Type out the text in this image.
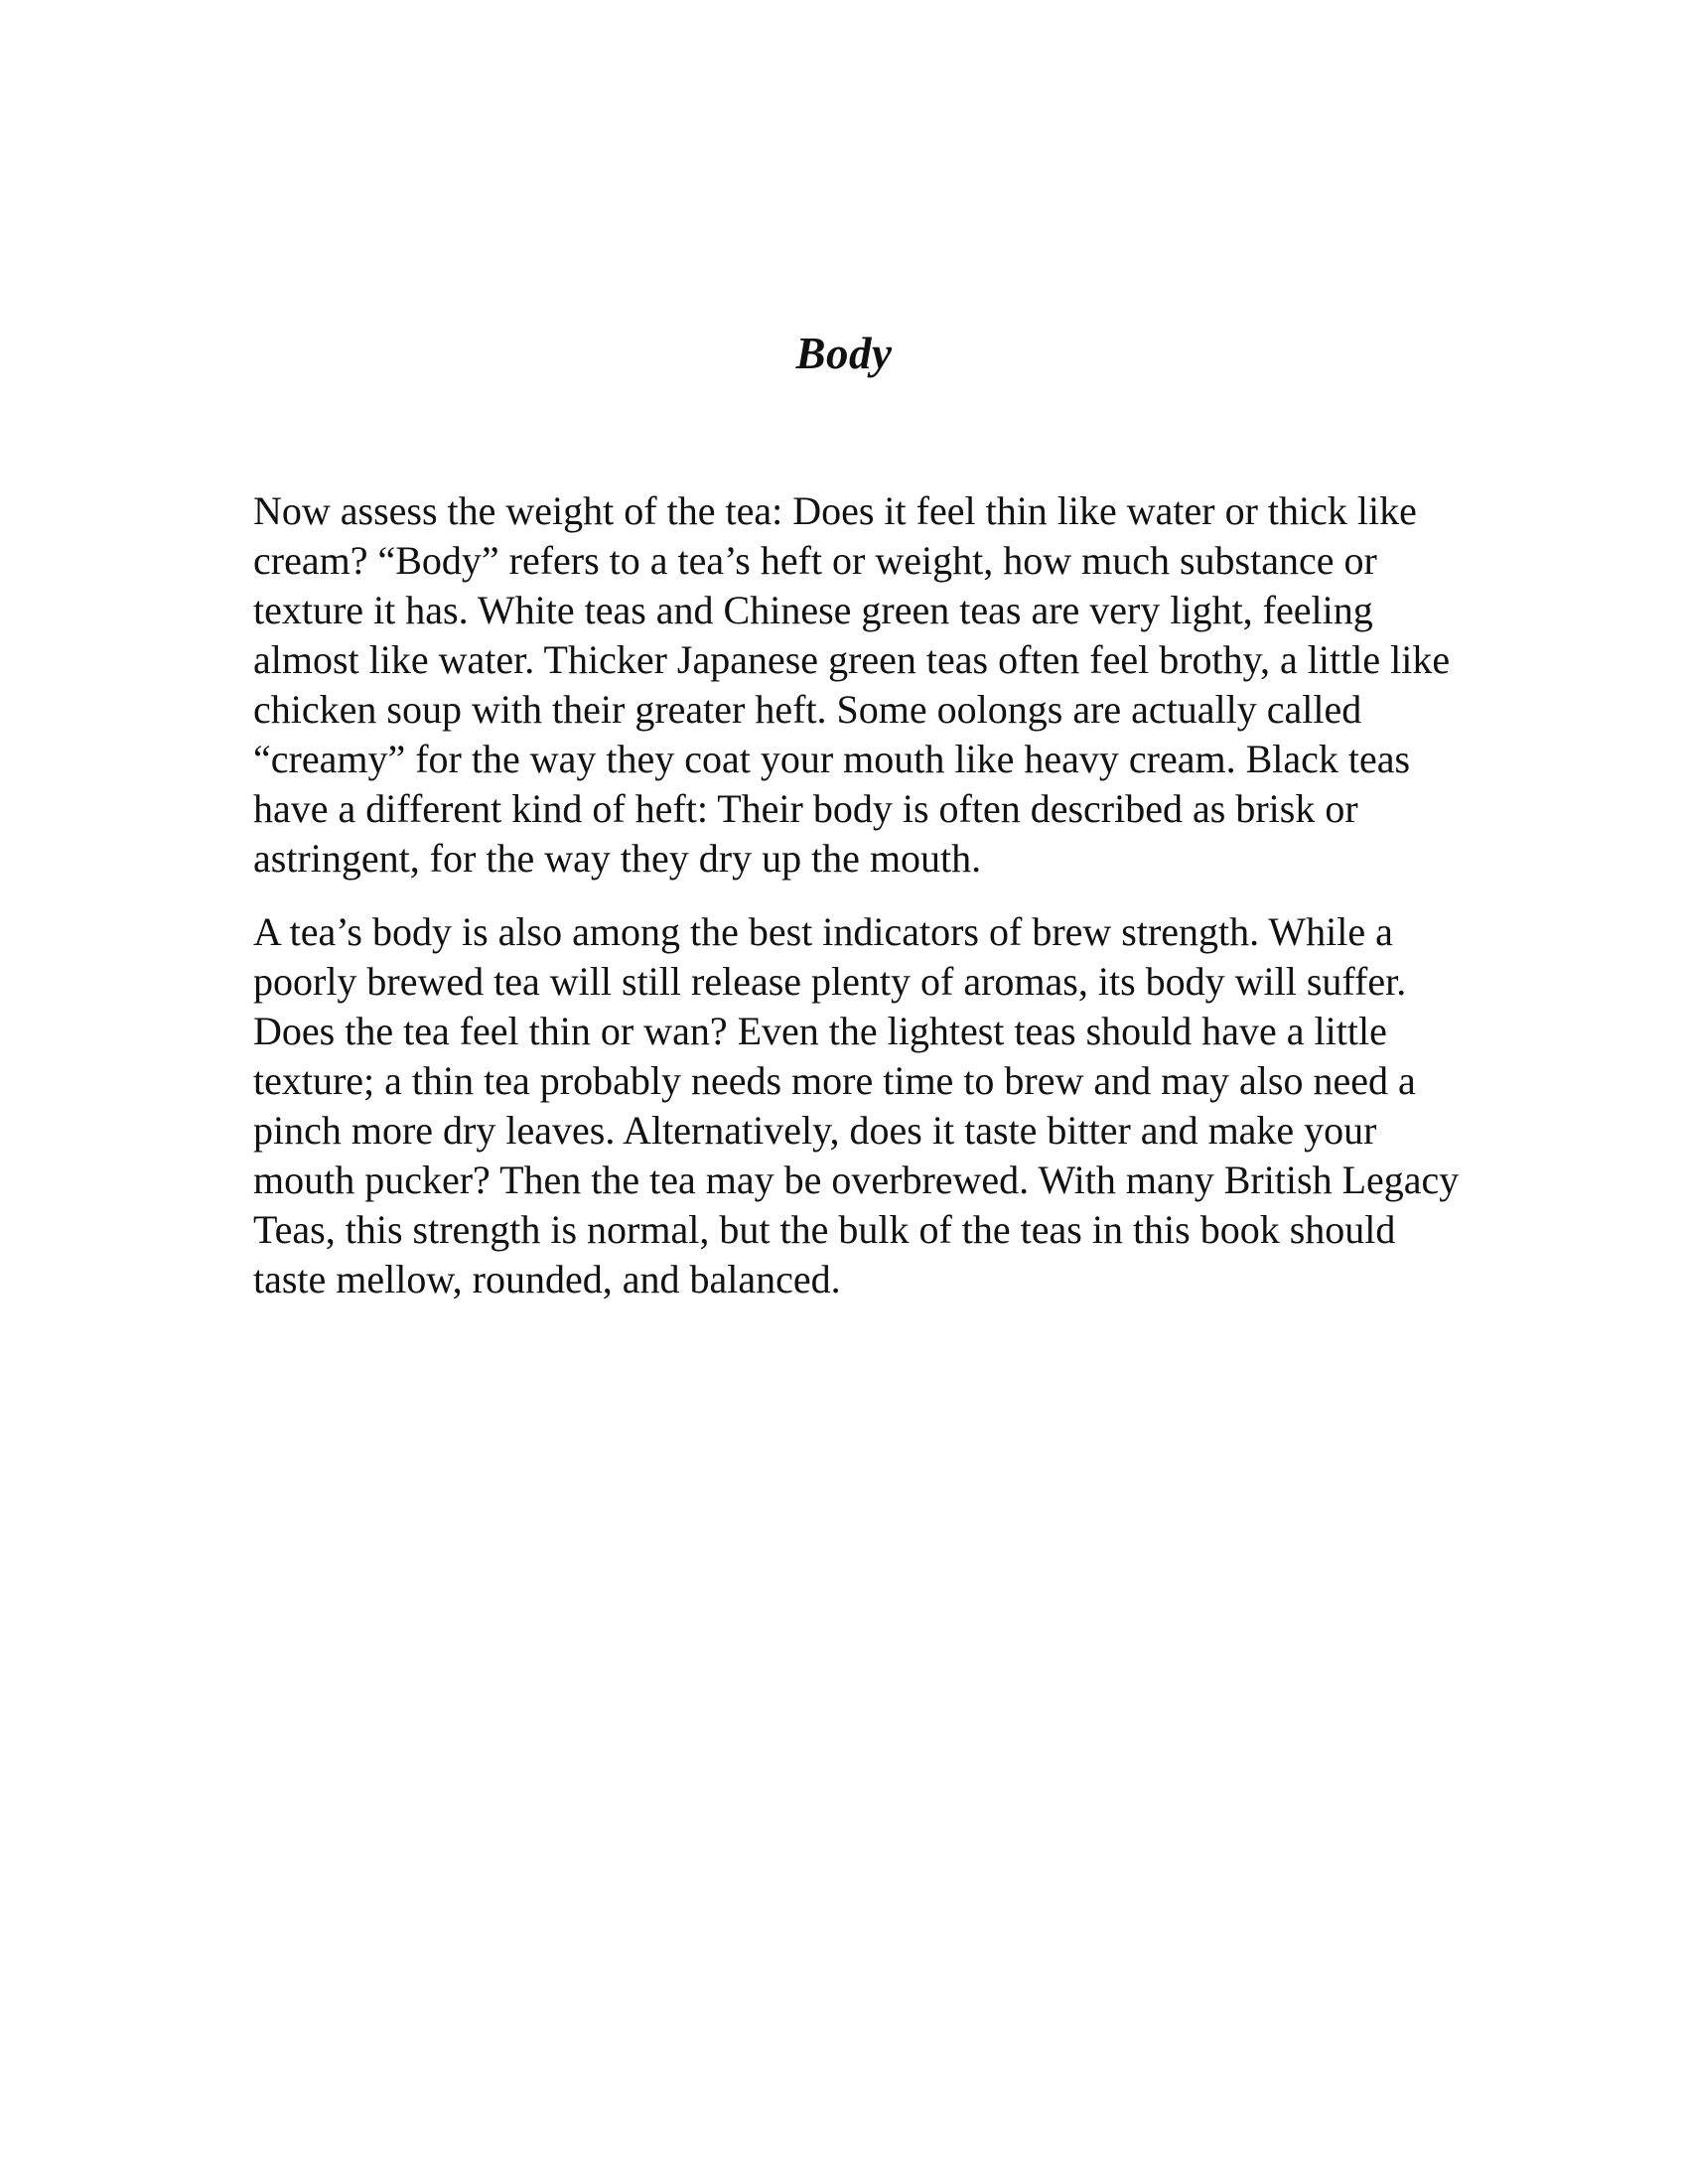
Body

Now assess the weight of the tea: Does it feel thin like water or thick like
cream? “Body” refers to a tea’s heft or weight, how much substance or
texture it has. White teas and Chinese green teas are very light, feeling
almost like water. Thicker Japanese green teas often feel brothy, a little like
chicken soup with their greater heft. Some oolongs are actually called
“creamy” for the way they coat your mouth like heavy cream. Black teas
have a different kind of heft: Their body is often described as brisk or
astringent, for the way they dry up the mouth.

A tea’s body is also among the best indicators of brew strength. While a
poorly brewed tea will still release plenty of aromas, its body will suffer.
Does the tea feel thin or wan? Even the lightest teas should have a little
texture; a thin tea probably needs more time to brew and may also need a
pinch more dry leaves. Alternatively, does it taste bitter and make your
mouth pucker? Then the tea may be overbrewed. With many British Legacy
Teas, this strength is normal, but the bulk of the teas in this book should
taste mellow, rounded, and balanced.
